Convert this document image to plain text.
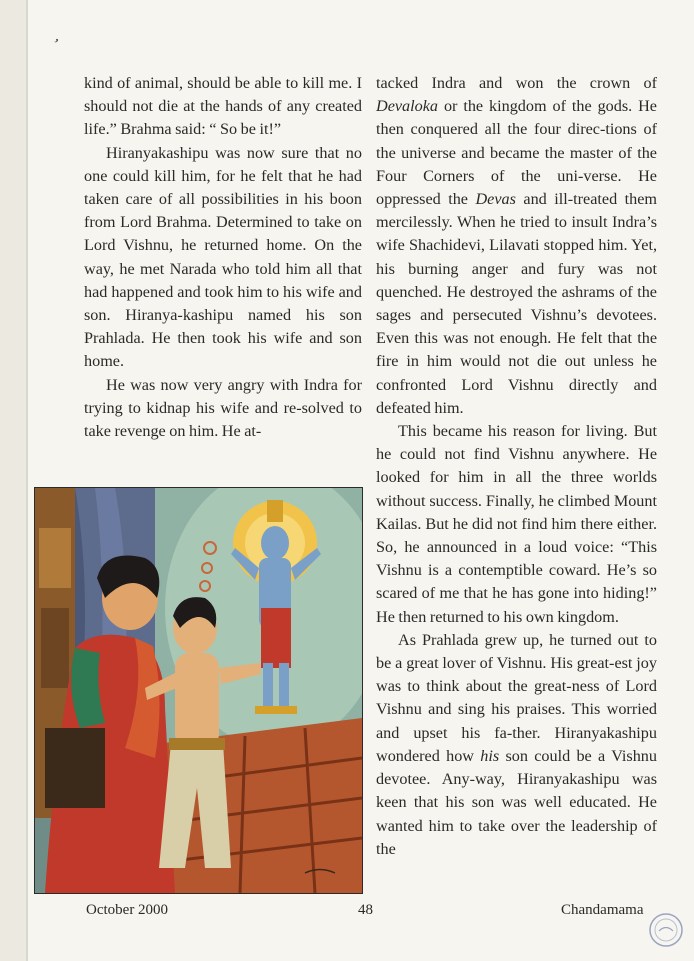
’

kind of animal, should be able to kill me. I should not die at the hands of any created life.” Brahma said: “ So be it!”

Hiranyakashipu was now sure that no one could kill him, for he felt that he had taken care of all possibilities in his boon from Lord Brahma. Determined to take on Lord Vishnu, he returned home. On the way, he met Narada who told him all that had happened and took him to his wife and son. Hiranya-kashipu named his son Prahlada. He then took his wife and son home.

He was now very angry with Indra for trying to kidnap his wife and re-solved to take revenge on him. He at-

tacked Indra and won the crown of Devaloka or the kingdom of the gods. He then conquered all the four direc-tions of the universe and became the master of the Four Corners of the uni-verse. He oppressed the Devas and ill-treated them mercilessly. When he tried to insult Indra’s wife Shachidevi, Lilavati stopped him. Yet, his burning anger and fury was not quenched. He destroyed the ashrams of the sages and persecuted Vishnu’s devotees. Even this was not enough. He felt that the fire in him would not die out unless he confronted Lord Vishnu directly and defeated him.

This became his reason for living. But he could not find Vishnu anywhere. He looked for him in all the three worlds without success. Finally, he climbed Mount Kailas. But he did not find him there either. So, he announced in a loud voice: “This Vishnu is a contemptible coward. He’s so scared of me that he has gone into hiding!” He then returned to his own kingdom.

As Prahlada grew up, he turned out to be a great lover of Vishnu. His great-est joy was to think about the great-ness of Lord Vishnu and sing his praises. This worried and upset his fa-ther. Hiranyakashipu wondered how his son could be a Vishnu devotee. Any-way, Hiranyakashipu was keen that his son was well educated. He wanted him to take over the leadership of the

October 2000	48	Chandamama
